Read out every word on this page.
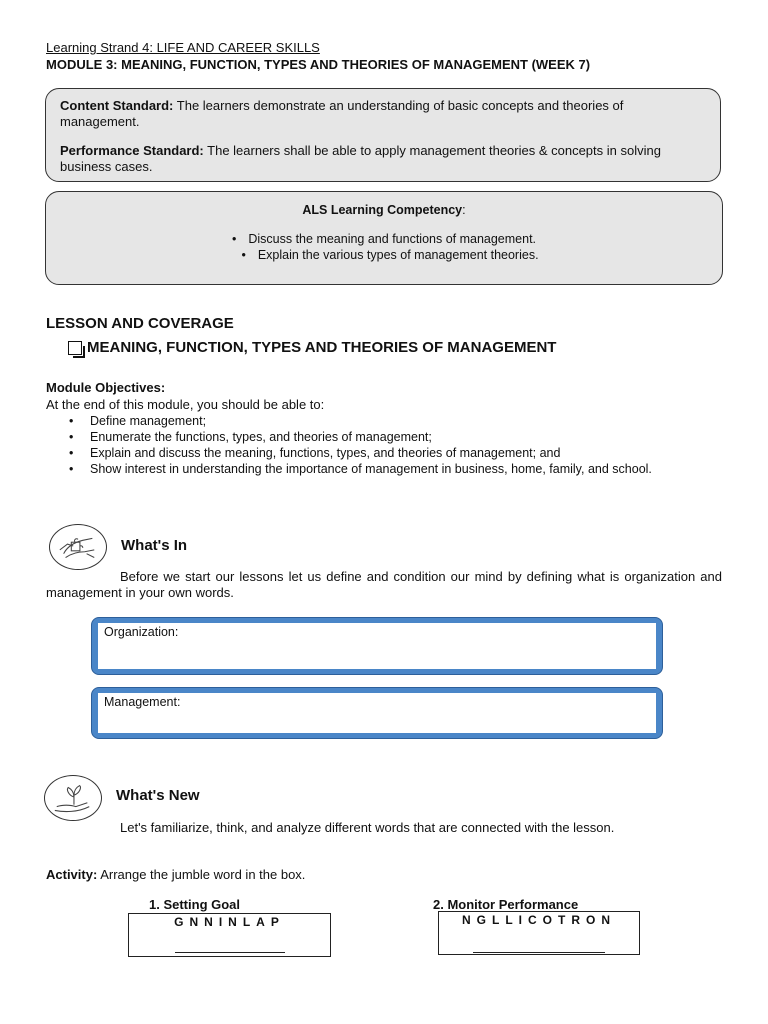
Learning Strand 4: LIFE AND CAREER SKILLS
MODULE 3: MEANING, FUNCTION, TYPES AND THEORIES OF MANAGEMENT (WEEK 7)

Content Standard: The learners demonstrate an understanding of basic concepts and theories of management.

Performance Standard: The learners shall be able to apply management theories & concepts in solving business cases.

ALS Learning Competency:
• Discuss the meaning and functions of management.
• Explain the various types of management theories.
LESSON AND COVERAGE
MEANING, FUNCTION, TYPES AND THEORIES OF MANAGEMENT
Module Objectives:
At the end of this module, you should be able to:
• Define management;
• Enumerate the functions, types, and theories of management;
• Explain and discuss the meaning, functions, types, and theories of management; and
• Show interest in understanding the importance of management in business, home, family, and school.
What's In

Before we start our lessons let us define and condition our mind by defining what is organization and management in your own words.

Organization:
Management:
What's New

Let's familiarize, think, and analyze different words that are connected with the lesson.

Activity: Arrange the jumble word in the box.
1. Setting Goal
GNNINLAP
2. Monitor Performance
NGLLICOTRON
